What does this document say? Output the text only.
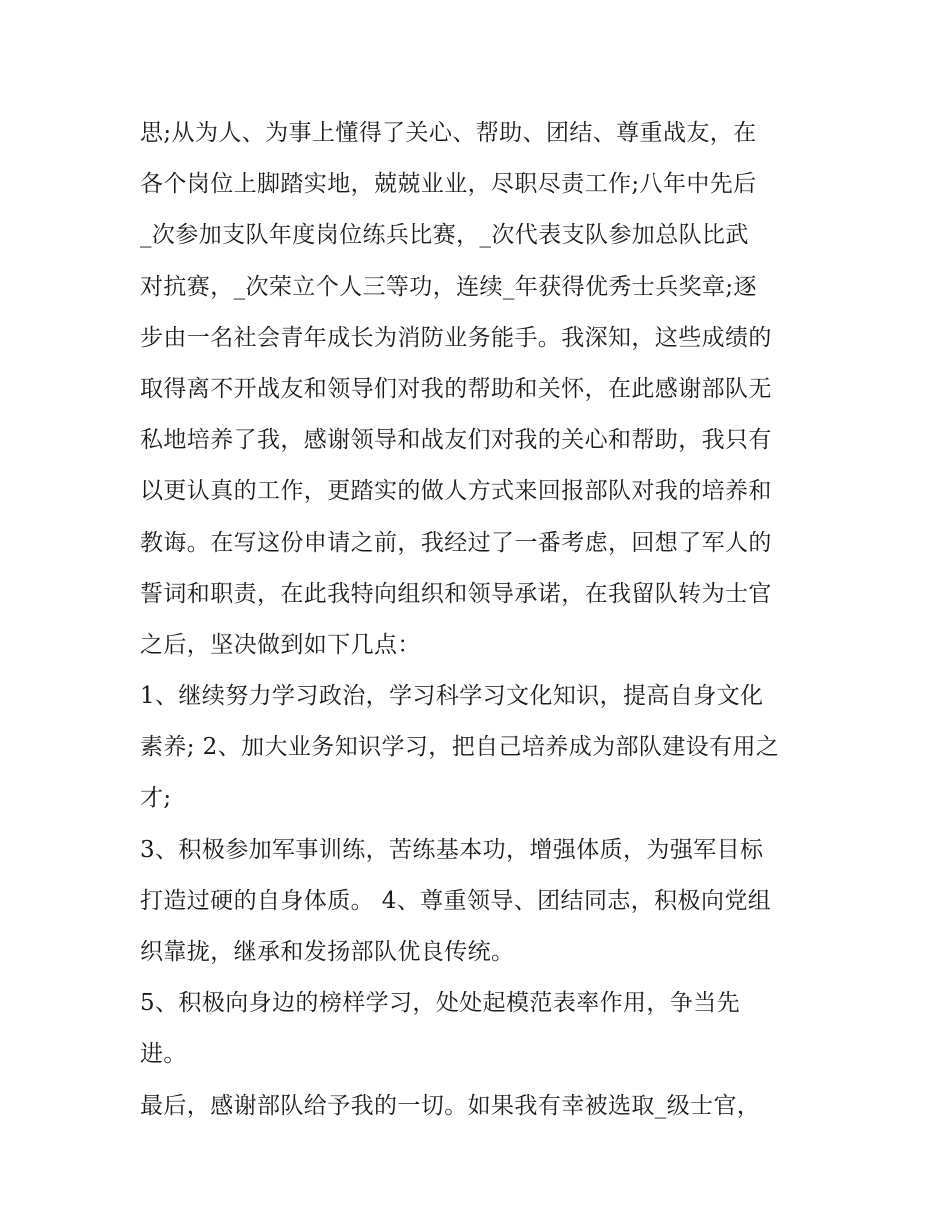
思;从为人、为事上懂得了关心、帮助、团结、尊重战友，在
各个岗位上脚踏实地，兢兢业业，尽职尽责工作;八年中先后
_次参加支队年度岗位练兵比赛，_次代表支队参加总队比武
对抗赛，_次荣立个人三等功，连续_年获得优秀士兵奖章;逐
步由一名社会青年成长为消防业务能手。我深知，这些成绩的
取得离不开战友和领导们对我的帮助和关怀，在此感谢部队无
私地培养了我，感谢领导和战友们对我的关心和帮助，我只有
以更认真的工作，更踏实的做人方式来回报部队对我的培养和
教诲。在写这份申请之前，我经过了一番考虑，回想了军人的
誓词和职责，在此我特向组织和领导承诺，在我留队转为士官
之后，坚决做到如下几点：
1、继续努力学习政治，学习科学习文化知识，提高自身文化
素养; 2、加大业务知识学习，把自己培养成为部队建设有用之
才;
3、积极参加军事训练，苦练基本功，增强体质，为强军目标
打造过硬的自身体质。 4、尊重领导、团结同志，积极向党组
织靠拢，继承和发扬部队优良传统。
5、积极向身边的榜样学习，处处起模范表率作用，争当先
进。
最后，感谢部队给予我的一切。如果我有幸被选取_级士官，
